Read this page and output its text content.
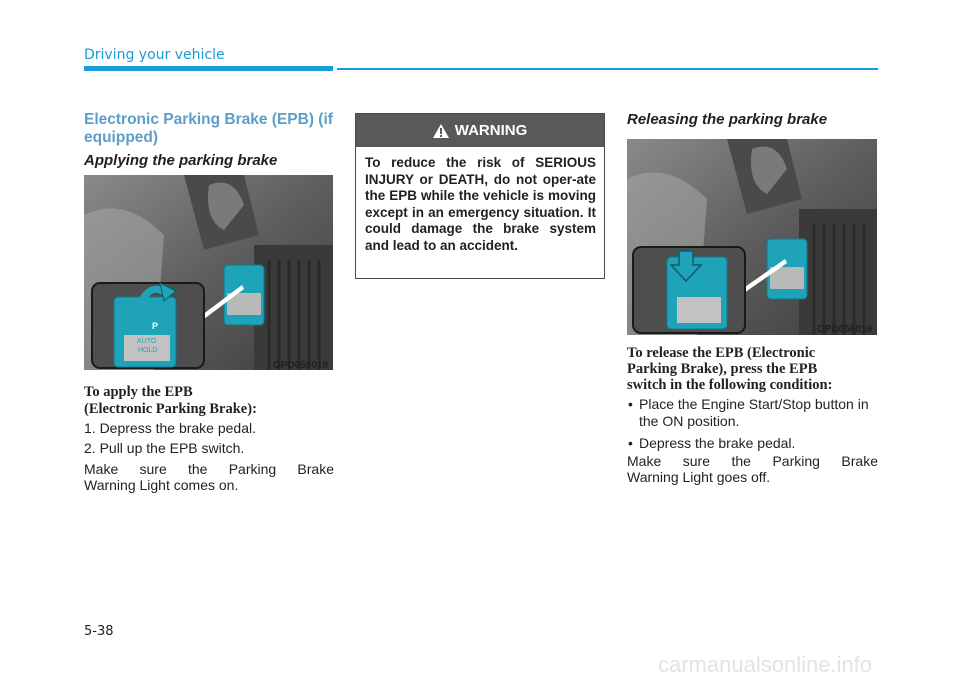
Driving your vehicle
Electronic Parking Brake (EPB) (if equipped)
Applying the parking brake
P
AUTO
HOLD
OPD056018
To apply the EPB
(Electronic Parking Brake):
1. Depress the brake pedal.
2. Pull up the EPB switch.
Make sure the Parking Brake
Warning Light comes on.
WARNING
To reduce the risk of SERIOUS INJURY or DEATH, do not oper-ate the EPB while the vehicle is moving except in an emergency situation. It could damage the brake system and lead to an accident.
Releasing the parking brake
OPD056019
To release the EPB (Electronic
Parking Brake), press the EPB
switch in the following condition:
• Place the Engine Start/Stop button in the ON position.
• Depress the brake pedal.
Make sure the Parking Brake
Warning Light goes off.
5-38
carmanualsonline.info
